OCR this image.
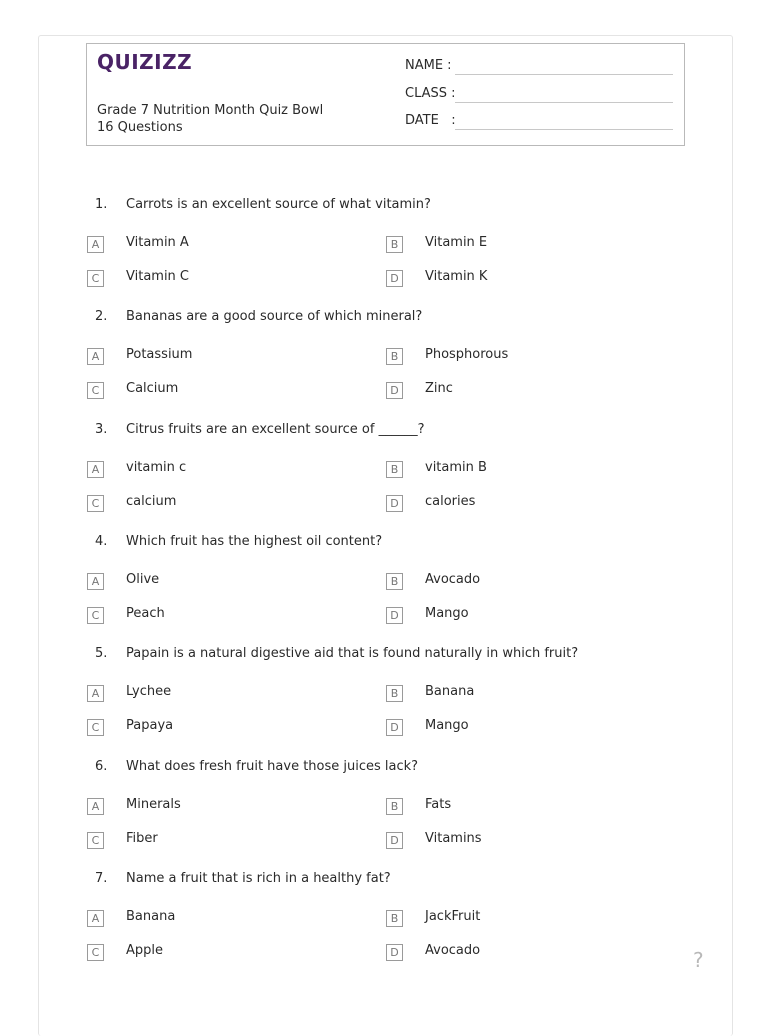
QUIZIZZ
Grade 7 Nutrition Month Quiz Bowl
16 Questions
NAME :
CLASS :
DATE   :
1. Carrots is an excellent source of what vitamin?
A	Vitamin A	B	Vitamin E
C	Vitamin C	D	Vitamin K
2. Bananas are a good source of which mineral?
A	Potassium	B	Phosphorous
C	Calcium	D	Zinc
3. Citrus fruits are an excellent source of ______?
A	vitamin c	B	vitamin B
C	calcium	D	calories
4. Which fruit has the highest oil content?
A	Olive	B	Avocado
C	Peach	D	Mango
5. Papain is a natural digestive aid that is found naturally in which fruit?
A	Lychee	B	Banana
C	Papaya	D	Mango
6. What does fresh fruit have those juices lack?
A	Minerals	B	Fats
C	Fiber	D	Vitamins
7. Name a fruit that is rich in a healthy fat?
A	Banana	B	JackFruit
C	Apple	D	Avocado	?
